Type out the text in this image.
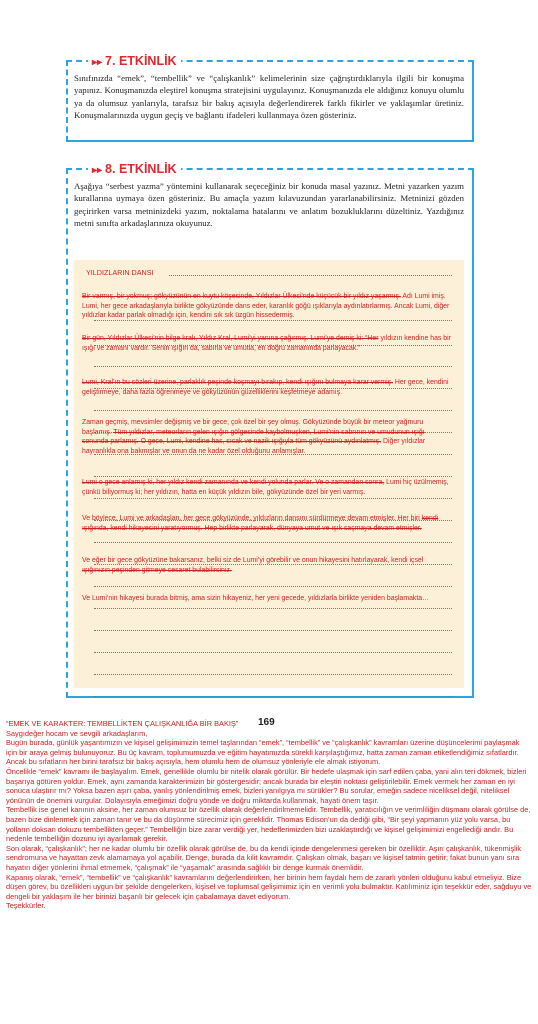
▸▸ 7. ETKİNLİK
Sınıfınızda “emek”, “tembellik” ve “çalışkanlık” kelimelerinin size çağrıştırdıklarıyla ilgili bir konuşma yapınız. Konuşmanızda eleştirel konuşma stratejisini uygulayınız. Konuşmanızda ele aldığınız konuyu olumlu ya da olumsuz yanlarıyla, tarafsız bir bakış açısıyla değerlendirerek farklı fikirler ve yaklaşımlar üretiniz. Konuşmalarınızda uygun geçiş ve bağlantı ifadeleri kullanmaya özen gösteriniz.
▸▸ 8. ETKİNLİK
Aşağıya “serbest yazma” yöntemini kullanarak seçeceğiniz bir konuda masal yazınız. Metni yazarken yazım kurallarına uymaya özen gösteriniz. Bu amaçla yazım kılavuzundan yararlanabilirsiniz. Metninizi gözden geçirirken varsa metninizdeki yazım, noktalama hatalarını ve anlatım bozukluklarını düzeltiniz. Yazdığınız metni sınıfta arkadaşlarınıza okuyunuz.
YILDIZLARIN DANSI
Bir varmış, bir yokmuş; gökyüzünün en kuytu köşesinde, Yıldızlar Ülkesi’nde küçücük bir yıldız yaşarmış. Adı Lumi imiş. Lumi, her gece arkadaşlarıyla birlikte gökyüzünde dans eder, karanlık göğü ışıklarıyla aydınlatırlarmış. Ancak Lumi, diğer yıldızlar kadar parlak olmadığı için, kendini sık sık üzgün hissedermiş.
Bir gün, Yıldızlar Ülkesi’nin bilge kralı, Yıldız Kral, Lumi’yi yanına çağırmış. Lumi’ye demiş ki: “Her yıldızın kendine has bir ışığı ve zamanı vardır. Senin ışığın da, sabırla ve umutla, en doğru zamanında parlayacak.”
Lumi, Kral’ın bu sözleri üzerine, parlaklık peşinde koşmayı bırakıp, kendi ışığını bulmaya karar vermiş. Her gece, kendini geliştirmeye, daha fazla öğrenmeye ve gökyüzünün güzelliklerini keşfetmeye adamış.
Zaman geçmiş, mevsimler değişmiş ve bir gece, çok özel bir şey olmuş. Gökyüzünde büyük bir meteor yağmuru başlamış. Tüm yıldızlar, meteorların gelen ışığın gölgesinde kaybolmuşken, Lumi’nin sabrının ve umudunun ışığı sonunda parlamış. O gece, Lumi, kendine has, sıcak ve nazik ışığıyla tüm gökyüzünü aydınlatmış. Diğer yıldızlar hayranlıkla ona bakmışlar ve onun da ne kadar özel olduğunu anlamışlar.
Lumi o gece anlamış ki, her yıldız kendi zamanında ve kendi yolunda parlar. Ve o zamandan sonra, Lumi hiç üzülmemiş, çünkü biliyormuş ki; her yıldızın, hatta en küçük yıldızın bile, gökyüzünde özel bir yeri varmış.
Ve böylece, Lumi ve arkadaşları, her gece gökyüzünde, yıldızların dansını sürdürmeye devam etmişler. Her biri kendi ışığında, kendi hikayesini yaratıyormuş. Hep birlikte parlayarak, dünyaya umut ve ışık saçmaya devam etmişler.
Ve eğer bir gece gökyüzüne bakarsanız, belki siz de Lumi’yi görebilir ve onun hikayesini hatırlayarak, kendi içsel ışığınızın peşinden gitmeye cesaret bulabilirsiniz.
Ve Lumi’nin hikayesi burada bitmiş, ama sizin hikayeniz, her yeni gecede, yıldızlarla birlikte yeniden başlamakta…
169

“EMEK VE KARAKTER: TEMBELLİKTEN ÇALIŞKANLIĞA BİR BAKIŞ”

Saygıdeğer hocam ve sevgili arkadaşlarım,

Bugün burada, günlük yaşantımızın ve kişisel gelişimimizin temel taşlarından “emek”, “tembellik” ve “çalışkanlık” kavramları üzerine düşüncelerimi paylaşmak için bir araya gelmiş bulunuyoruz. Bu üç kavram, toplumumuzda ve eğitim hayatımızda sürekli karşılaştığımız, hatta zaman zaman etiketlendiğimiz sıfatlardır. Ancak bu sıfatların her birini tarafsız bir bakış açısıyla, hem olumlu hem de olumsuz yönleriyle ele almak istiyorum.

Öncelikle “emek” kavramı ile başlayalım. Emek, genellikle olumlu bir nitelik olarak görülür. Bir hedefe ulaşmak için sarf edilen çaba, yani alın teri dökmek, bizleri başarıya götüren yoldur. Emek, aynı zamanda karakterimizin bir göstergesidir; ancak burada bir eleştiri noktası geliştirilebilir. Emek vermek her zaman en iyi sonuca ulaştırır mı? Yoksa bazen aşırı çaba, yanlış yönlendirilmiş emek, bizleri yanılgıya mı sürükler? Bu sorular, emeğin sadece niceliksel değil, niteliksel yönünün de önemini vurgular. Dolayısıyla emeğimizi doğru yönde ve doğru miktarda kullanmak, hayati önem taşır.

Tembellik ise genel kanının aksine, her zaman olumsuz bir özellik olarak değerlendirilmemelidir. Tembellik, yaratıcılığın ve verimliliğin düşmanı olarak görülse de, bazen bize dinlenmek için zaman tanır ve bu da düşünme sürecimiz için gereklidir. Thomas Edison’un da dediği gibi, “Bir şeyi yapmanın yüz yolu varsa, bu yolların doksan dokuzu tembellikten geçer.” Tembelliğin bize zarar verdiği yer, hedeflerimizden bizi uzaklaştırdığı ve kişisel gelişimimizi engellediği andır. Bu nedenle tembelliğin dozunu iyi ayarlamak gerekir.

Son olarak, “çalışkanlık”; her ne kadar olumlu bir özellik olarak görülse de, bu da kendi içinde dengelenmesi gereken bir özelliktir. Aşırı çalışkanlık, tükenmişlik sendromuna ve hayattan zevk alamamaya yol açabilir. Denge, burada da kilit kavramdır. Çalışkan olmak, başarı ve kişisel tatmin getirir; fakat bunun yanı sıra hayatın diğer yönlerini ihmal etmemek, “çalışmak” ile “yaşamak” arasında sağlıklı bir denge kurmak önemlidir.

Kapanış olarak, “emek”, “tembellik” ve “çalışkanlık” kavramlarını değerlendirirken, her birinin hem faydalı hem de zararlı yönleri olduğunu kabul etmeliyiz. Bize düşen görev, bu özellikleri uygun bir şekilde dengelerken, kişisel ve toplumsal gelişimimiz için en verimli yolu bulmaktır. Katılıminiz için teşekkür eder, sağduyu ve dengeli bir yaklaşım ile her birinizi başarılı bir gelecek için çabalamaya davet ediyorum.

Teşekkürler.
